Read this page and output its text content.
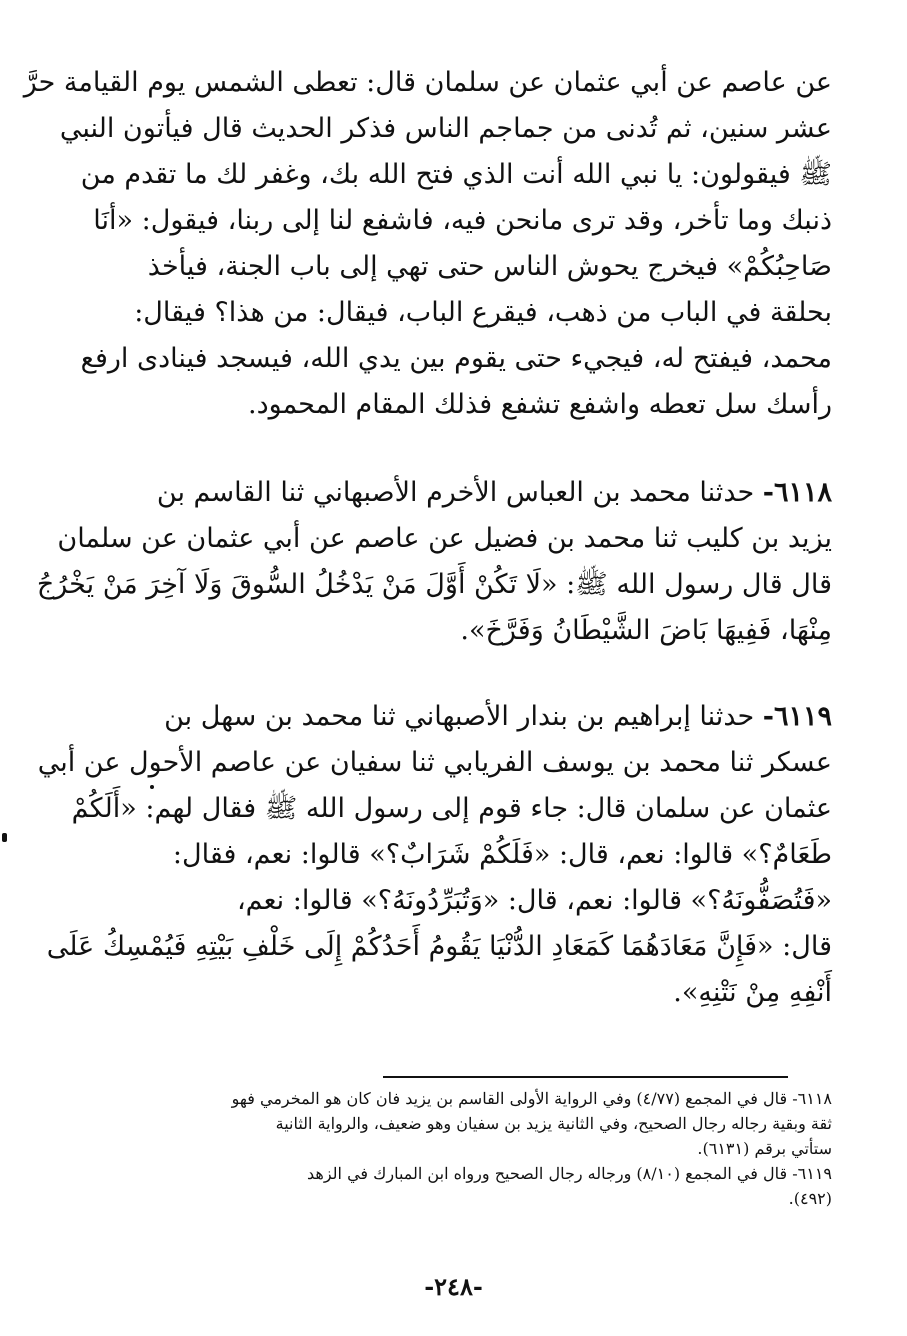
عن عاصم عن أبي عثمان عن سلمان قال: تعطى الشمس يوم القيامة حرَّ
عشر سنين، ثم تُدنى من جماجم الناس فذكر الحديث قال فيأتون النبي
ﷺ فيقولون: يا نبي الله أنت الذي فتح الله بك، وغفر لك ما تقدم من
ذنبك وما تأخر، وقد ترى مانحن فيه، فاشفع لنا إلى ربنا، فيقول: «أنَا
صَاحِبُكُمْ» فيخرج يحوش الناس حتى تهي إلى باب الجنة، فيأخذ
بحلقة في الباب من ذهب، فيقرع الباب، فيقال: من هذا؟ فيقال:
محمد، فيفتح له، فيجيء حتى يقوم بين يدي الله، فيسجد فينادى ارفع
رأسك سل تعطه واشفع تشفع فذلك المقام المحمود.
٦١١٨- حدثنا محمد بن العباس الأخرم الأصبهاني ثنا القاسم بن
يزيد بن كليب ثنا محمد بن فضيل عن عاصم عن أبي عثمان عن سلمان
قال قال رسول الله ﷺ: «لَا تَكُنْ أَوَّلَ مَنْ يَدْخُلُ السُّوقَ وَلَا آخِرَ مَنْ يَخْرُجُ
مِنْهَا، فَفِيهَا بَاضَ الشَّيْطَانُ وَفَرَّخَ».
٦١١٩- حدثنا إبراهيم بن بندار الأصبهاني ثنا محمد بن سهل بن
عسكر ثنا محمد بن يوسف الفريابي ثنا سفيان عن عاصم الأحول عن أبي
عثمان عن سلمان قال: جاء قوم إلى رسول الله ﷺ فقال لهم: «أَلَكُمْ
طَعَامٌ؟» قالوا: نعم، قال: «فَلَكُمْ شَرَابٌ؟» قالوا: نعم، فقال:
«فَتُصَفُّونَهُ؟» قالوا: نعم، قال: «وَتُبَرِّدُونَهُ؟» قالوا: نعم،
قال: «فَإِنَّ مَعَادَهُمَا كَمَعَادِ الدُّنْيَا يَقُومُ أَحَدُكُمْ إِلَى خَلْفِ بَيْتِهِ فَيُمْسِكُ عَلَى
أَنْفِهِ مِنْ نَتْنِهِ».
٦١١٨- قال في المجمع (٤/٧٧) وفي الرواية الأولى القاسم بن يزيد فان كان هو المخرمي فهو
ثقة وبقية رجاله رجال الصحيح، وفي الثانية يزيد بن سفيان وهو ضعيف، والرواية الثانية
ستأتي برقم (٦١٣١).
٦١١٩- قال في المجمع (٨/١٠) ورجاله رجال الصحيح ورواه ابن المبارك في الزهد
(٤٩٢).
-٢٤٨-
